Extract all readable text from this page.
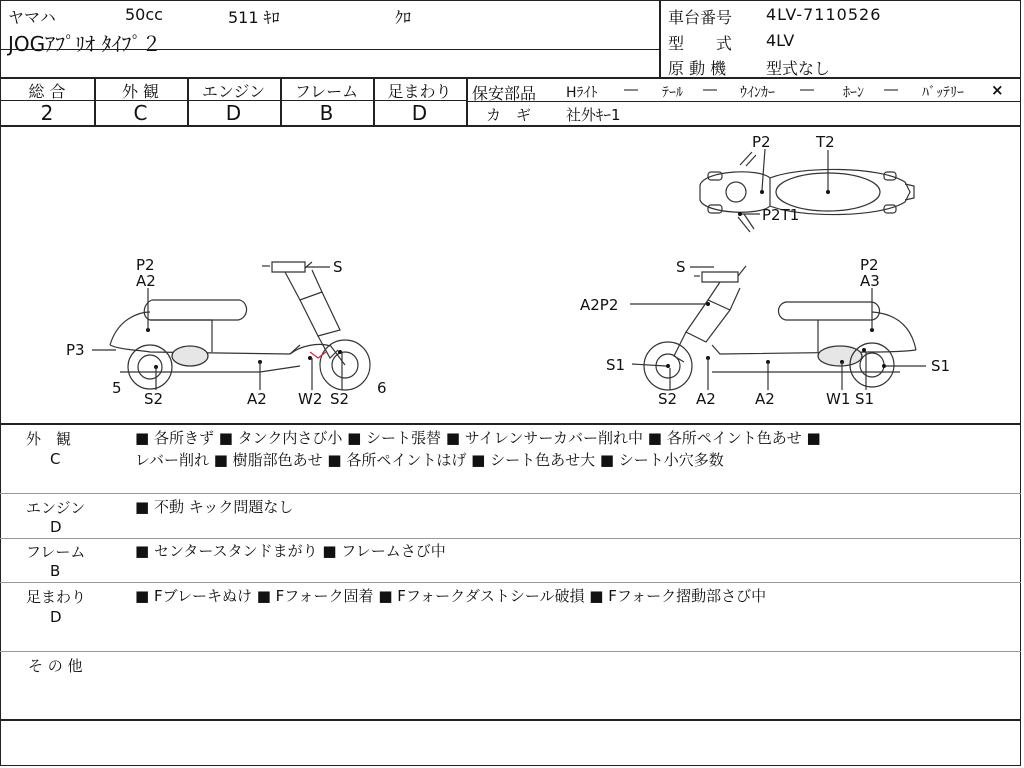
ヤマハ	50cc	511 ｷﾛ	ｸﾛ
JOGｱﾌﾟﾘｵ ﾀｲﾌﾟ２
車台番号 4LV-7110526
型　　式 4LV
原 動 機 型式なし
総 合
2
外 観
C
エンジン
D
フレーム
B
足まわり
D
保安部品 Hﾗｲﾄ ― ﾃｰﾙ ― ｳｲﾝｶｰ ― ﾎｰﾝ ― ﾊﾞｯﾃﾘｰ ×
カ　ギ 社外ｷｰ1
P2	T2
P2T1
P2
A2
S
P3
5	6
S2	A2 W2 S2
S	P2
A3
A2P2
S1	S1
S2 A2	A2	W1 S1
外　観
C
■ 各所きず ■ タンク内さび小 ■ シート張替 ■ サイレンサーカバー削れ中 ■ 各所ペイント色あせ ■
レバー削れ ■ 樹脂部色あせ ■ 各所ペイントはげ ■ シート色あせ大 ■ シート小穴多数
エンジン
D
■ 不動 キック問題なし
フレーム
B
■ センタースタンドまがり ■ フレームさび中
足まわり
D
■ Fブレーキぬけ ■ Fフォーク固着 ■ Fフォークダストシール破損 ■ Fフォーク摺動部さび中
そ の 他
